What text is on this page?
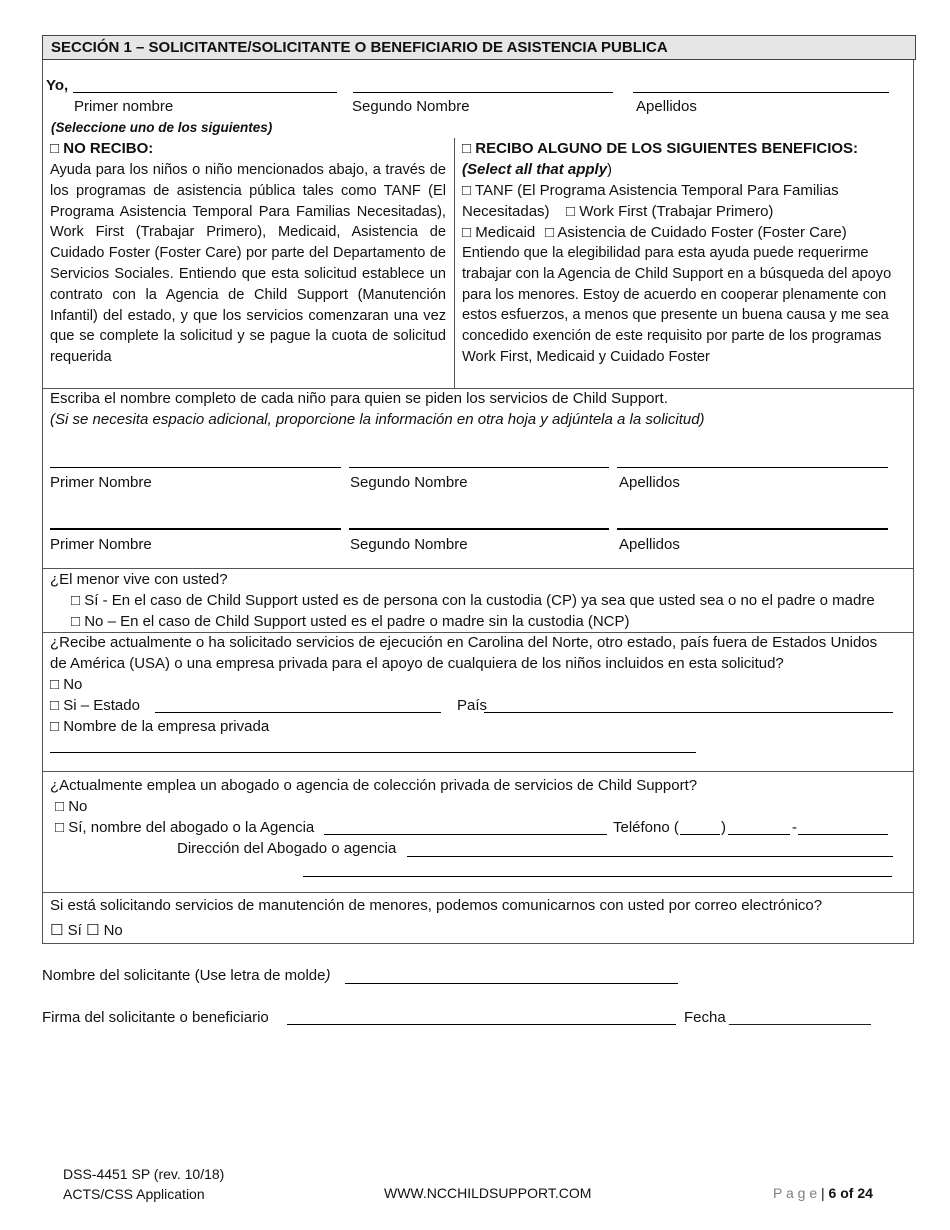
SECCIÓN 1 – SOLICITANTE/SOLICITANTE O BENEFICIARIO DE ASISTENCIA PUBLICA
Yo,
Primer nombre	Segundo Nombre	Apellidos
(Seleccione uno de los siguientes)
□ NO RECIBO:
Ayuda para los niños o niño mencionados abajo, a través de los programas de asistencia pública tales como TANF (El Programa Asistencia Temporal Para Familias Necesitadas), Work First (Trabajar Primero), Medicaid, Asistencia de Cuidado Foster (Foster Care) por parte del Departamento de Servicios Sociales. Entiendo que esta solicitud establece un contrato con la Agencia de Child Support (Manutención Infantil) del estado, y que los servicios comenzaran una vez que se complete la solicitud y se pague la cuota de solicitud requerida
□ RECIBO ALGUNO DE LOS SIGUIENTES BENEFICIOS:
(Select all that apply)
□ TANF (El Programa Asistencia Temporal Para Familias
Necesitadas) □ Work First (Trabajar Primero)
□ Medicaid □ Asistencia de Cuidado Foster (Foster Care)
Entiendo que la elegibilidad para esta ayuda puede requerirme trabajar con la Agencia de Child Support en a búsqueda del apoyo para los menores. Estoy de acuerdo en cooperar plenamente con estos esfuerzos, a menos que presente un buena causa y me sea concedido exención de este requisito por parte de los programas Work First, Medicaid y Cuidado Foster
Escriba el nombre completo de cada niño para quien se piden los servicios de Child Support.
(Si se necesita espacio adicional, proporcione la información en otra hoja y adjúntela a la solicitud)
Primer Nombre	Segundo Nombre	Apellidos
Primer Nombre	Segundo Nombre	Apellidos
¿El menor vive con usted?
□ Sí - En el caso de Child Support usted es de persona con la custodia (CP) ya sea que usted sea o no el padre o madre
□ No – En el caso de Child Support usted es el padre o madre sin la custodia (NCP)
¿Recibe actualmente o ha solicitado servicios de ejecución en Carolina del Norte, otro estado, país fuera de Estados Unidos
de América (USA) o una empresa privada para el apoyo de cualquiera de los niños incluidos en esta solicitud?
□ No
□ Si – Estado	País
□ Nombre de la empresa privada
¿Actualmente emplea un abogado o agencia de colección privada de servicios de Child Support?
□ No
□ Sí, nombre del abogado o la Agencia	Teléfono (	)	-
Dirección del Abogado o agencia
Si está solicitando servicios de manutención de menores, podemos comunicarnos con usted por correo electrónico?
☐ Sí ☐ No
Nombre del solicitante (Use letra de molde)
Firma del solicitante o beneficiario	Fecha _________________
DSS-4451 SP (rev. 10/18)
ACTS/CSS Application	WWW.NCCHILDSUPPORT.COM	P a g e | 6 of 24
